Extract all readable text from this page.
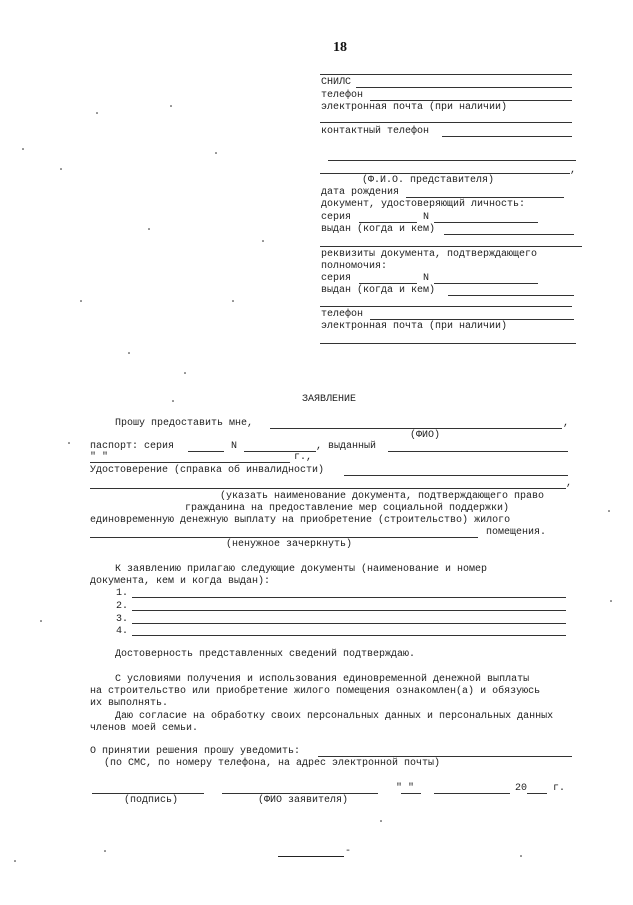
18
СНИЛС
телефон
электронная почта (при наличии)
контактный телефон
,
(Ф.И.О. представителя)
дата рождения
документ, удостоверяющий личность:
серия	N
выдан (когда и кем)
реквизиты документа, подтверждающего
полномочия:
серия	N
выдан (когда и кем)
телефон
электронная почта (при наличии)
ЗАЯВЛЕНИЕ
Прошу предоставить мне,	,
(ФИО)
паспорт: серия	N	, выданный
" "	г.,
Удостоверение (справка об инвалидности)
,
(указать наименование документа, подтверждающего право
гражданина на предоставление мер социальной поддержки)
единовременную денежную выплату на приобретение (строительство) жилого
помещения.
(ненужное зачеркнуть)
К заявлению прилагаю следующие документы (наименование и номер
документа, кем и когда выдан):
1.
2.
3.
4.
Достоверность представленных сведений подтверждаю.
С условиями получения и использования единовременной денежной выплаты
на строительство или приобретение жилого помещения ознакомлен(а) и обязуюсь
их выполнять.
Даю согласие на обработку своих персональных данных и персональных данных
членов моей семьи.
О принятии решения прошу уведомить:
(по СМС, по номеру телефона, на адрес электронной почты)
" "	20	г.
(подпись)	(ФИО заявителя)
-
